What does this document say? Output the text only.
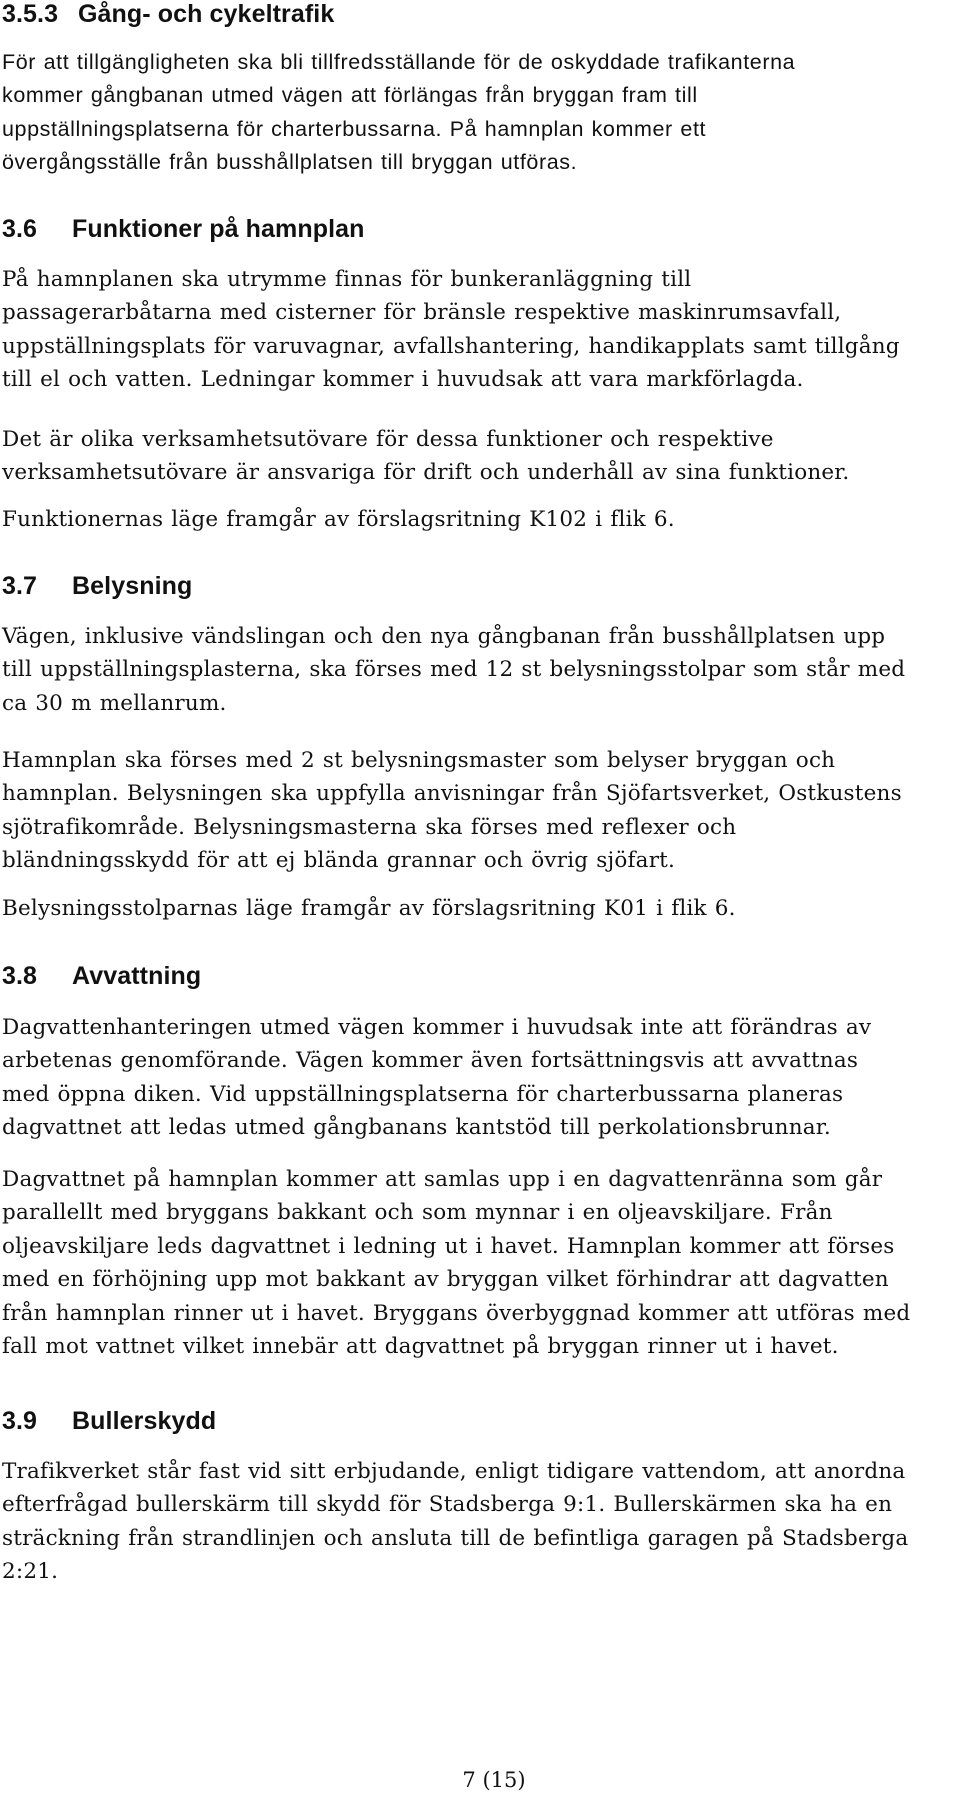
3.5.3 Gång- och cykeltrafik

För att tillgängligheten ska bli tillfredsställande för de oskyddade trafikanterna
kommer gångbanan utmed vägen att förlängas från bryggan fram till
uppställningsplatserna för charterbussarna. På hamnplan kommer ett
övergångsställe från busshållplatsen till bryggan utföras.

3.6	Funktioner på hamnplan

På hamnplanen ska utrymme finnas för bunkeranläggning till
passagerarbåtarna med cisterner för bränsle respektive maskinrumsavfall,
uppställningsplats för varuvagnar, avfallshantering, handikapplats samt tillgång
till el och vatten. Ledningar kommer i huvudsak att vara markförlagda.

Det är olika verksamhetsutövare för dessa funktioner och respektive
verksamhetsutövare är ansvariga för drift och underhåll av sina funktioner.

Funktionernas läge framgår av förslagsritning K102 i flik 6.

3.7	Belysning

Vägen, inklusive vändslingan och den nya gångbanan från busshållplatsen upp
till uppställningsplasterna, ska förses med 12 st belysningsstolpar som står med
ca 30 m mellanrum.

Hamnplan ska förses med 2 st belysningsmaster som belyser bryggan och
hamnplan. Belysningen ska uppfylla anvisningar från Sjöfartsverket, Ostkustens
sjötrafikområde. Belysningsmasterna ska förses med reflexer och
bländningsskydd för att ej blända grannar och övrig sjöfart.

Belysningsstolparnas läge framgår av förslagsritning K01 i flik 6.

3.8	Avvattning

Dagvattenhanteringen utmed vägen kommer i huvudsak inte att förändras av
arbetenas genomförande. Vägen kommer även fortsättningsvis att avvattnas
med öppna diken. Vid uppställningsplatserna för charterbussarna planeras
dagvattnet att ledas utmed gångbanans kantstöd till perkolationsbrunnar.

Dagvattnet på hamnplan kommer att samlas upp i en dagvattenränna som går
parallellt med bryggans bakkant och som mynnar i en oljeavskiljare. Från
oljeavskiljare leds dagvattnet i ledning ut i havet. Hamnplan kommer att förses
med en förhöjning upp mot bakkant av bryggan vilket förhindrar att dagvatten
från hamnplan rinner ut i havet. Bryggans överbyggnad kommer att utföras med
fall mot vattnet vilket innebär att dagvattnet på bryggan rinner ut i havet.

3.9	Bullerskydd

Trafikverket står fast vid sitt erbjudande, enligt tidigare vattendom, att anordna
efterfrågad bullerskärm till skydd för Stadsberga 9:1. Bullerskärmen ska ha en
sträckning från strandlinjen och ansluta till de befintliga garagen på Stadsberga
2:21.

7 (15)
